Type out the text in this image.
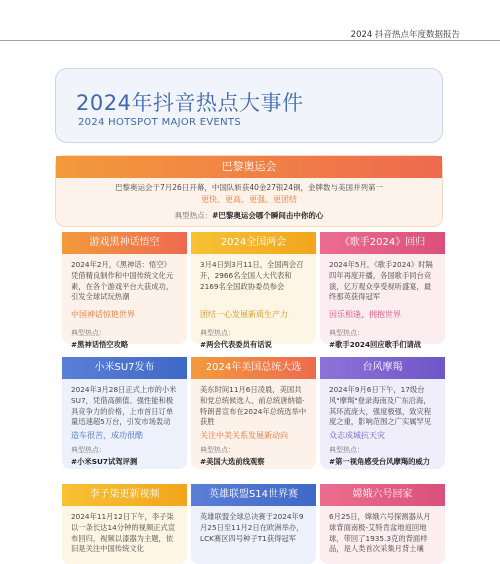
2024 抖音热点年度数据报告
2024年抖音热点大事件
2024 HOTSPOT MAJOR EVENTS
巴黎奥运会
巴黎奥运会于7月26日开幕，中国队斩获40金27银24铜，金牌数与美国并列第一
更快、更高、更强、更团结
典型热点：#巴黎奥运会哪个瞬间击中你的心
游戏黑神话悟空
2024年2月，《黑神话：悟空》凭借精良制作和中国传统文化元素，在各个游戏平台大获成功，引发全球试玩热潮
中国神话惊艳世界
典型热点：
#黑神话悟空攻略
2024全国两会
3月4日到3月11日，全国两会召开，2966名全国人大代表和2169名全国政协委员参会
团结一心发展新质生产力
典型热点：
#两会代表委员有话说
《歌手2024》回归
2024年5月，《歌手2024》时隔四年再度开播，各国歌手同台竞演，亿万观众享受视听盛宴，最终那英获得冠军
因乐相逢，拥抱世界
典型热点：
#歌手2024回应歌手们请战
小米SU7发布
2024年3月28日正式上市的小米SU7，凭借高颜值、强性能和极具竞争力的价格，上市首日订单量迅速超5万台，引发市场轰动
造车很苦，成功很酷
典型热点：
#小米SU7试驾评测
2024年美国总统大选
美东时间11月6日凌晨，美国共和党总统候选人、前总统唐纳德·特朗普宣布在2024年总统选举中获胜
关注中美关系发展新动向
典型热点：
#美国大选前线观察
台风摩羯
2024年9月6日下午，17级台风"摩羯"登录海南及广东沿海，其环流庞大，强度极强，致灾程度之重，影响范围之广实属罕见
众志成城抗天灾
典型热点：
#第一视角感受台风摩羯的威力
李子柒更新视频
2024年11月12日下午，李子柒以一条长达14分钟的视频正式宣布回归，视频以漆器为主题，依旧是关注中国传统文化
英雄联盟S14世界赛
英雄联盟全球总决赛于2024年9月25日至11月2日在欧洲举办，LCK赛区四号种子T1获得冠军
嫦娥六号回家
6月25日，嫦娥六号探测器从月球背面南极-艾特肯盆地返回地球，带回了1935.3克的背面样品，是人类首次采集月背土壤
